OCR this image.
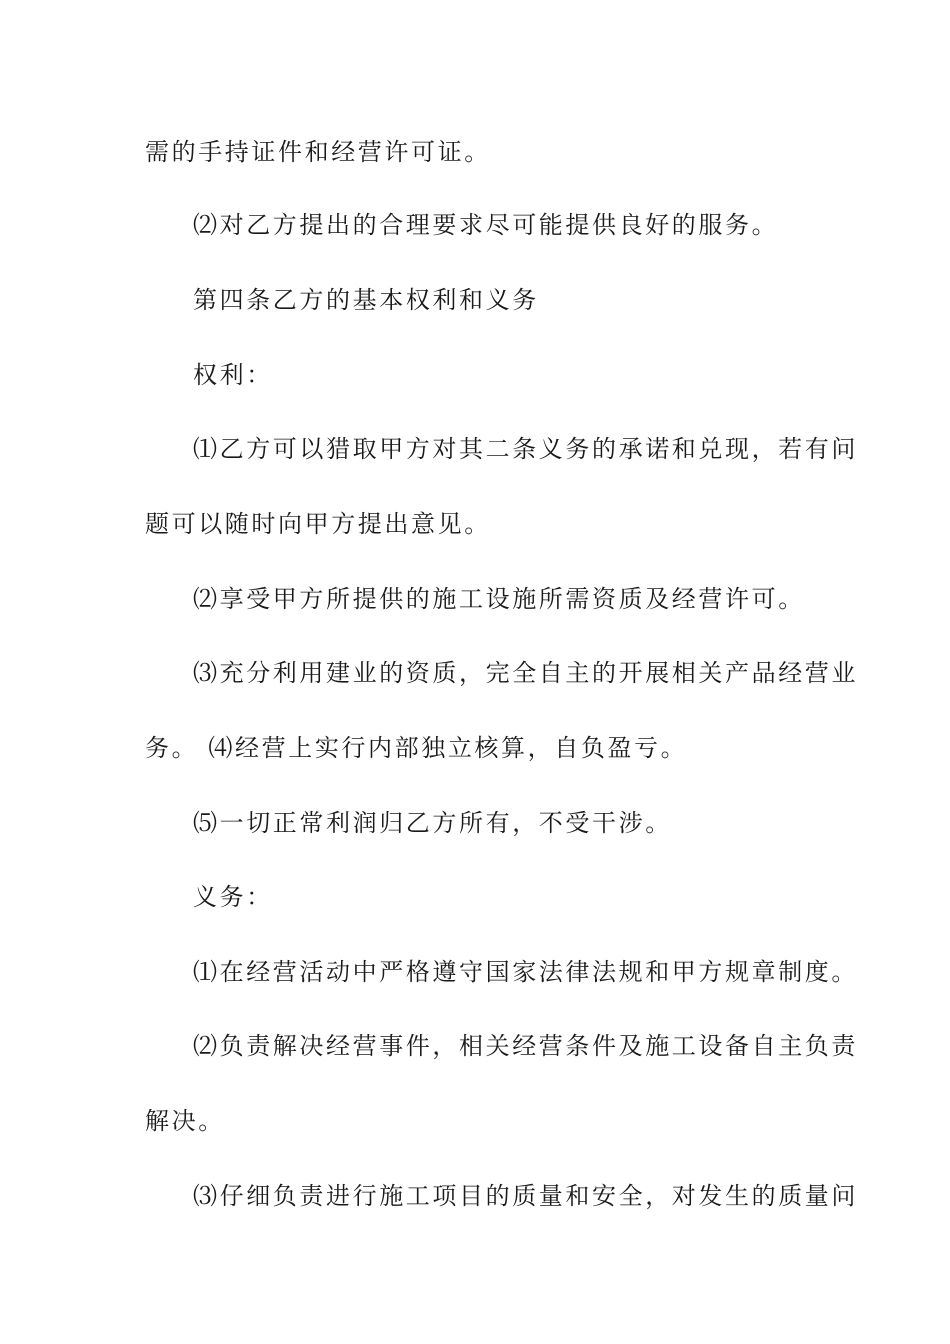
需的手持证件和经营许可证。
⑵对乙方提出的合理要求尽可能提供良好的服务。
第四条乙方的基本权利和义务
权利：
⑴乙方可以猎取甲方对其二条义务的承诺和兑现，若有问
题可以随时向甲方提出意见。
⑵享受甲方所提供的施工设施所需资质及经营许可。
⑶充分利用建业的资质，完全自主的开展相关产品经营业
务。 ⑷经营上实行内部独立核算，自负盈亏。
⑸一切正常利润归乙方所有，不受干涉。
义务：
⑴在经营活动中严格遵守国家法律法规和甲方规章制度。
⑵负责解决经营事件，相关经营条件及施工设备自主负责
解决。
⑶仔细负责进行施工项目的质量和安全，对发生的质量问
